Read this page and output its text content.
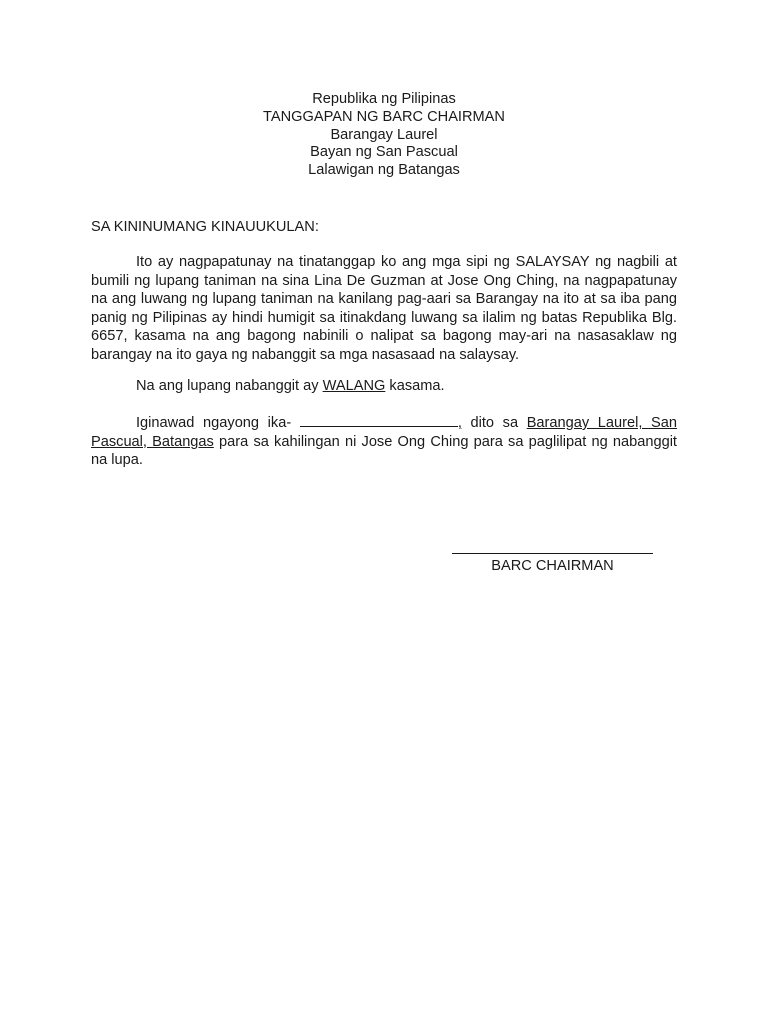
Republika ng Pilipinas
TANGGAPAN NG BARC CHAIRMAN
Barangay Laurel
Bayan ng San Pascual
Lalawigan ng Batangas
SA KININUMANG KINAUUKULAN:
Ito ay nagpapatunay na tinatanggap ko ang mga sipi ng SALAYSAY ng nagbili at bumili ng lupang taniman na sina Lina De Guzman at Jose Ong Ching, na nagpapatunay na ang luwang ng lupang taniman na kanilang pag-aari sa Barangay na ito at sa iba pang panig ng Pilipinas ay hindi humigit sa itinakdang luwang sa ilalim ng batas Republika Blg. 6657, kasama na ang bagong nabinili o nalipat sa bagong may-ari na nasasaklaw ng barangay na ito gaya ng nabanggit sa mga nasasaad na salaysay.
Na ang lupang nabanggit ay WALANG kasama.
Iginawad ngayong ika-	, dito sa Barangay Laurel, San Pascual, Batangas para sa kahilingan ni Jose Ong Ching para sa paglilipat ng nabanggit na lupa.
BARC CHAIRMAN
